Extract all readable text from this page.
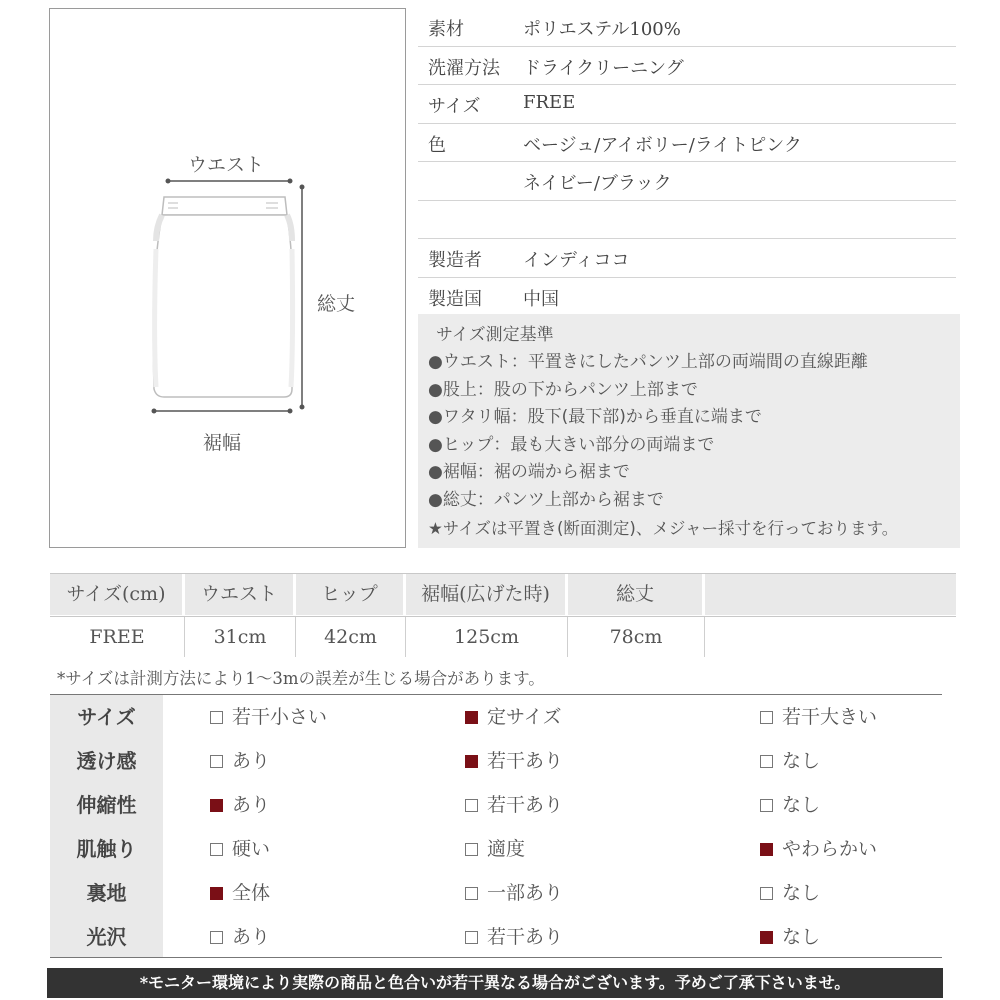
ウエスト
総丈
裾幅
素材	ポリエステル100%
洗濯方法 ドライクリーニング
サイズ FREE
色	ベージュ/アイボリー/ライトピンク
ネイビー/ブラック
製造者 インディココ
製造国 中国
サイズ測定基準
●ウエスト：平置きにしたパンツ上部の両端間の直線距離
●股上：股の下からパンツ上部まで
●ワタリ幅：股下(最下部)から垂直に端まで
●ヒップ：最も大きい部分の両端まで
●裾幅：裾の端から裾まで
●総丈：パンツ上部から裾まで
★サイズは平置き(断面測定)、メジャー採寸を行っております。
サイズ(cm)	ウエスト	ヒップ	裾幅(広げた時)	総丈
FREE	31cm	42cm	125cm	78cm
*サイズは計測方法により1〜3mの誤差が生じる場合があります。
サイズ	若干小さい	定サイズ	若干大きい
透け感	あり	若干あり	なし
伸縮性	あり	若干あり	なし
肌触り	硬い	適度	やわらかい
裏地	全体	一部あり	なし
光沢	あり	若干あり	なし
*モニター環境により実際の商品と色合いが若干異なる場合がございます。予めご了承下さいませ。
